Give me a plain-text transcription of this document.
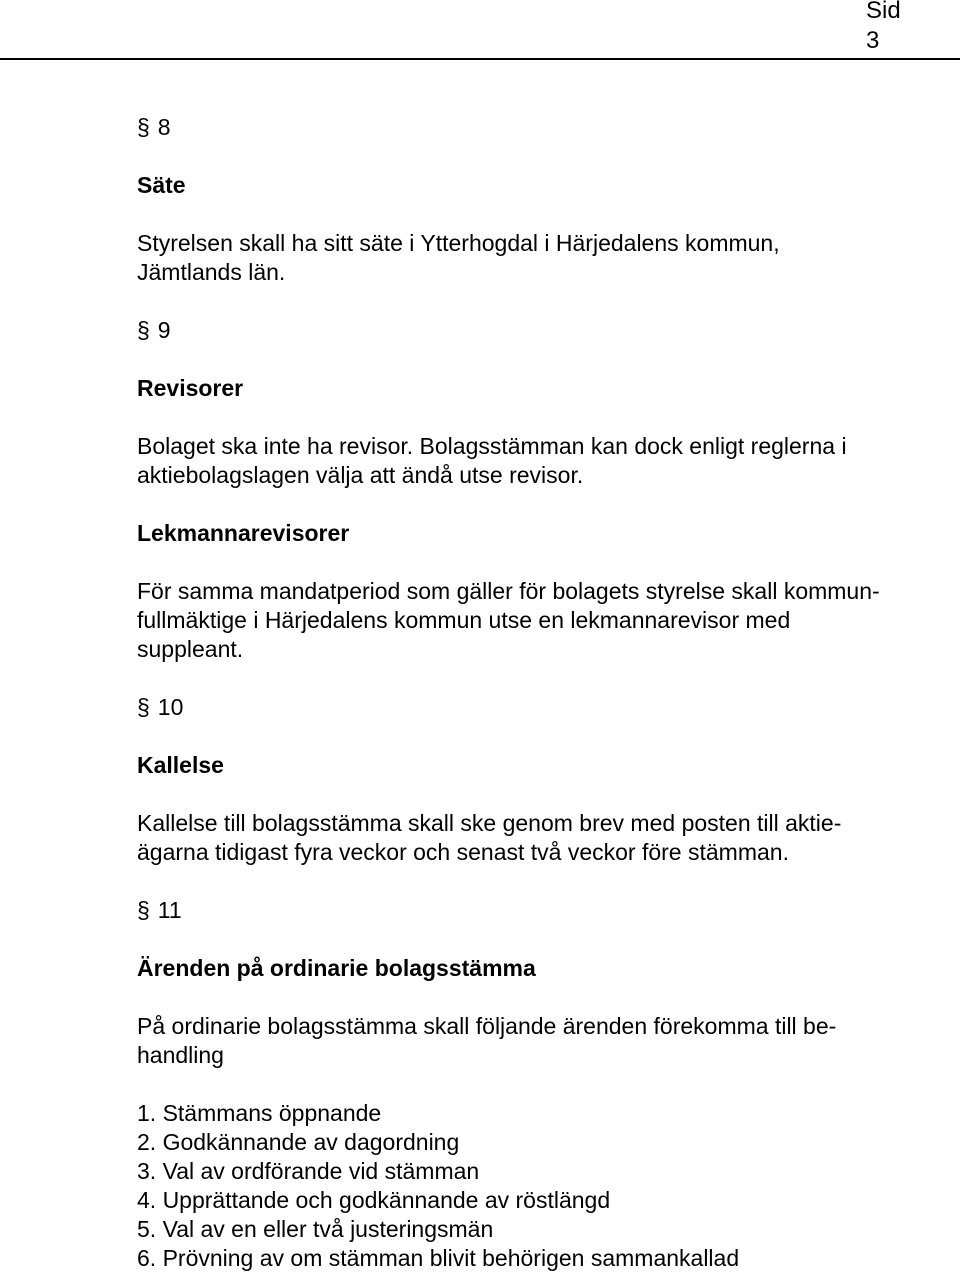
Sid
3

§ 8

Säte

Styrelsen skall ha sitt säte i Ytterhogdal i Härjedalens kommun,

Jämtlands län.

§ 9

Revisorer

Bolaget ska inte ha revisor. Bolagsstämman kan dock enligt reglerna i

aktiebolagslagen välja att ändå utse revisor.

Lekmannarevisorer

För samma mandatperiod som gäller för bolagets styrelse skall kommun-

fullmäktige i Härjedalens kommun utse en lekmannarevisor med

suppleant.

§ 10

Kallelse

Kallelse till bolagsstämma skall ske genom brev med posten till aktie-

ägarna tidigast fyra veckor och senast två veckor före stämman.

§ 11

Ärenden på ordinarie bolagsstämma

På ordinarie bolagsstämma skall följande ärenden förekomma till be-

handling

1. Stämmans öppnande
2. Godkännande av dagordning
3. Val av ordförande vid stämman
4. Upprättande och godkännande av röstlängd
5. Val av en eller två justeringsmän
6. Prövning av om stämman blivit behörigen sammankallad
